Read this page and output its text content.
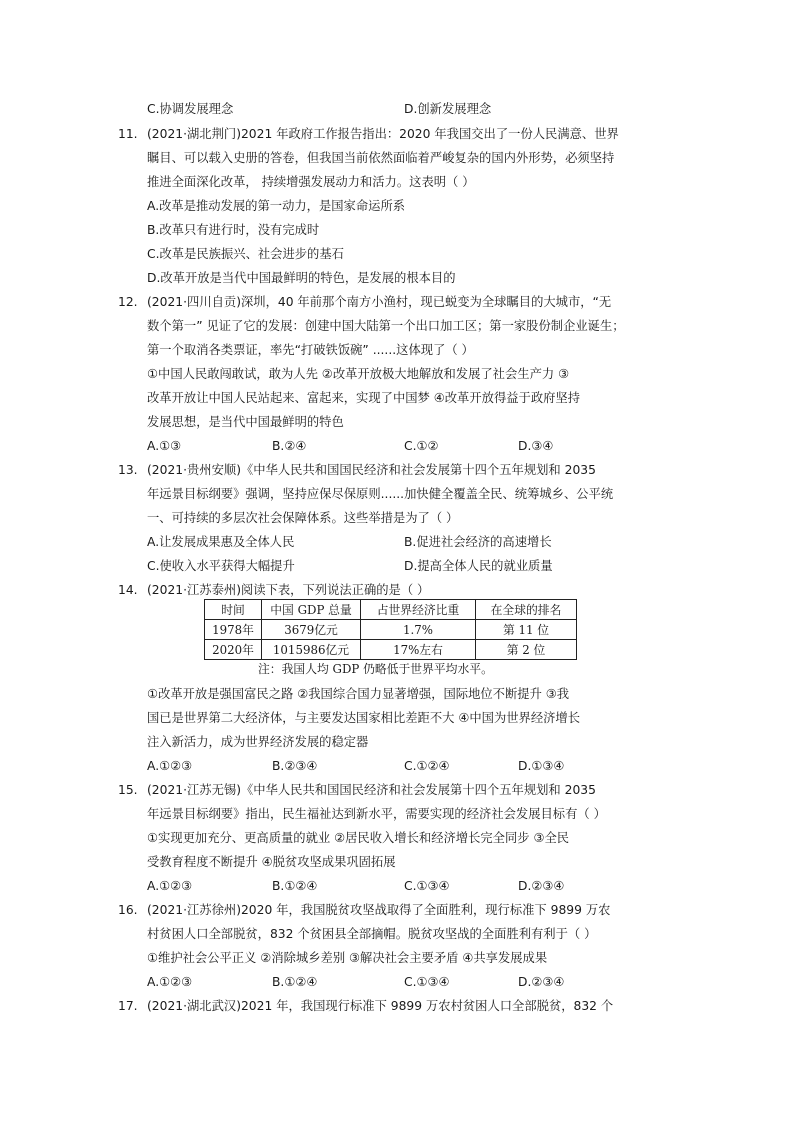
C.协调发展理念	D.创新发展理念
11. (2021·湖北荆门)2021 年政府工作报告指出：2020 年我国交出了一份人民满意、世界
瞩目、可以载入史册的答卷，但我国当前依然面临着严峻复杂的国内外形势，必须坚持
推进全面深化改革， 持续增强发展动力和活力。这表明（ ）
A.改革是推动发展的第一动力，是国家命运所系
B.改革只有进行时，没有完成时
C.改革是民族振兴、社会进步的基石
D.改革开放是当代中国最鲜明的特色，是发展的根本目的
12. (2021·四川自贡)深圳，40 年前那个南方小渔村，现已蜕变为全球瞩目的大城市，“无
数个第一” 见证了它的发展：创建中国大陆第一个出口加工区；第一家股份制企业诞生；
第一个取消各类票证，率先“打破铁饭碗” ......这体现了（ ）
①中国人民敢闯敢试，敢为人先 ②改革开放极大地解放和发展了社会生产力 ③
改革开放让中国人民站起来、富起来，实现了中国梦 ④改革开放得益于政府坚持
发展思想，是当代中国最鲜明的特色
A.①③	B.②④	C.①②	D.③④
13. (2021·贵州安顺)《中华人民共和国国民经济和社会发展第十四个五年规划和 2035
年远景目标纲要》强调，坚持应保尽保原则......加快健全覆盖全民、统筹城乡、公平统
一、可持续的多层次社会保障体系。这些举措是为了（ ）
A.让发展成果惠及全体人民	B.促进社会经济的高速增长
C.使收入水平获得大幅提升	D.提高全体人民的就业质量
14. (2021·江苏泰州)阅读下表，下列说法正确的是（ ）
时间	中国 GDP 总量	占世界经济比重	在全球的排名
1978年	3679亿元	1.7%	第 11 位
2020年	1015986亿元	17%左右	第 2 位
注：我国人均 GDP 仍略低于世界平均水平。
①改革开放是强国富民之路 ②我国综合国力显著增强，国际地位不断提升 ③我
国已是世界第二大经济体，与主要发达国家相比差距不大 ④中国为世界经济增长
注入新活力，成为世界经济发展的稳定器
A.①②③	B.②③④	C.①②④	D.①③④
15. (2021·江苏无锡)《中华人民共和国国民经济和社会发展第十四个五年规划和 2035
年远景目标纲要》指出，民生福祉达到新水平，需要实现的经济社会发展目标有（ ）
①实现更加充分、更高质量的就业 ②居民收入增长和经济增长完全同步 ③全民
受教育程度不断提升 ④脱贫攻坚成果巩固拓展
A.①②③	B.①②④	C.①③④	D.②③④
16. (2021·江苏徐州)2020 年，我国脱贫攻坚战取得了全面胜利，现行标准下 9899 万农
村贫困人口全部脱贫，832 个贫困县全部摘帽。脱贫攻坚战的全面胜利有利于（ ）
①维护社会公平正义 ②消除城乡差别 ③解决社会主要矛盾 ④共享发展成果
A.①②③	B.①②④	C.①③④	D.②③④
17. (2021·湖北武汉)2021 年，我国现行标准下 9899 万农村贫困人口全部脱贫，832 个
